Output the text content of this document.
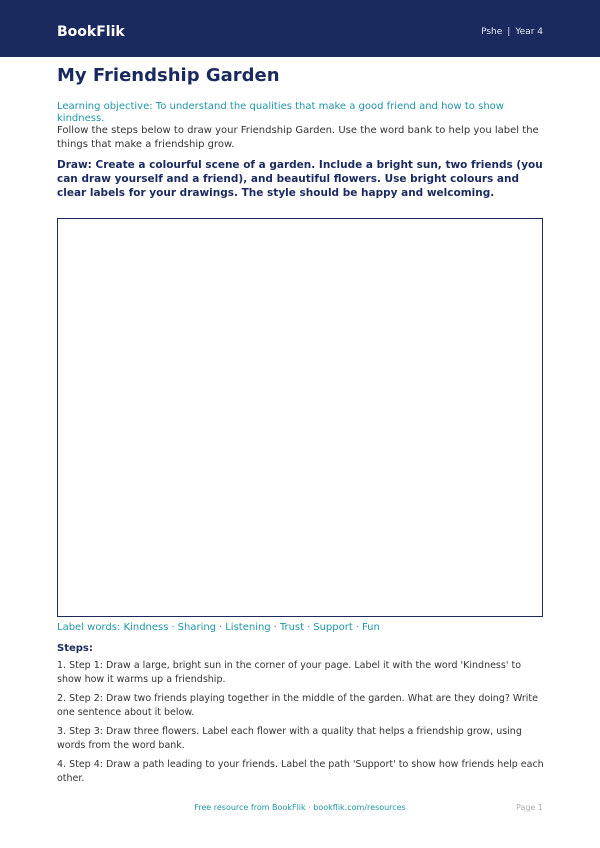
BookFlik	Pshe | Year 4
My Friendship Garden
Learning objective: To understand the qualities that make a good friend and how to show kindness.
Follow the steps below to draw your Friendship Garden. Use the word bank to help you label the things that make a friendship grow.
Draw: Create a colourful scene of a garden. Include a bright sun, two friends (you can draw yourself and a friend), and beautiful flowers. Use bright colours and clear labels for your drawings. The style should be happy and welcoming.
Label words: Kindness · Sharing · Listening · Trust · Support · Fun
Steps:
1. Step 1: Draw a large, bright sun in the corner of your page. Label it with the word 'Kindness' to show how it warms up a friendship.
2. Step 2: Draw two friends playing together in the middle of the garden. What are they doing? Write one sentence about it below.
3. Step 3: Draw three flowers. Label each flower with a quality that helps a friendship grow, using words from the word bank.
4. Step 4: Draw a path leading to your friends. Label the path 'Support' to show how friends help each other.
Free resource from BookFlik · bookflik.com/resources	Page 1
